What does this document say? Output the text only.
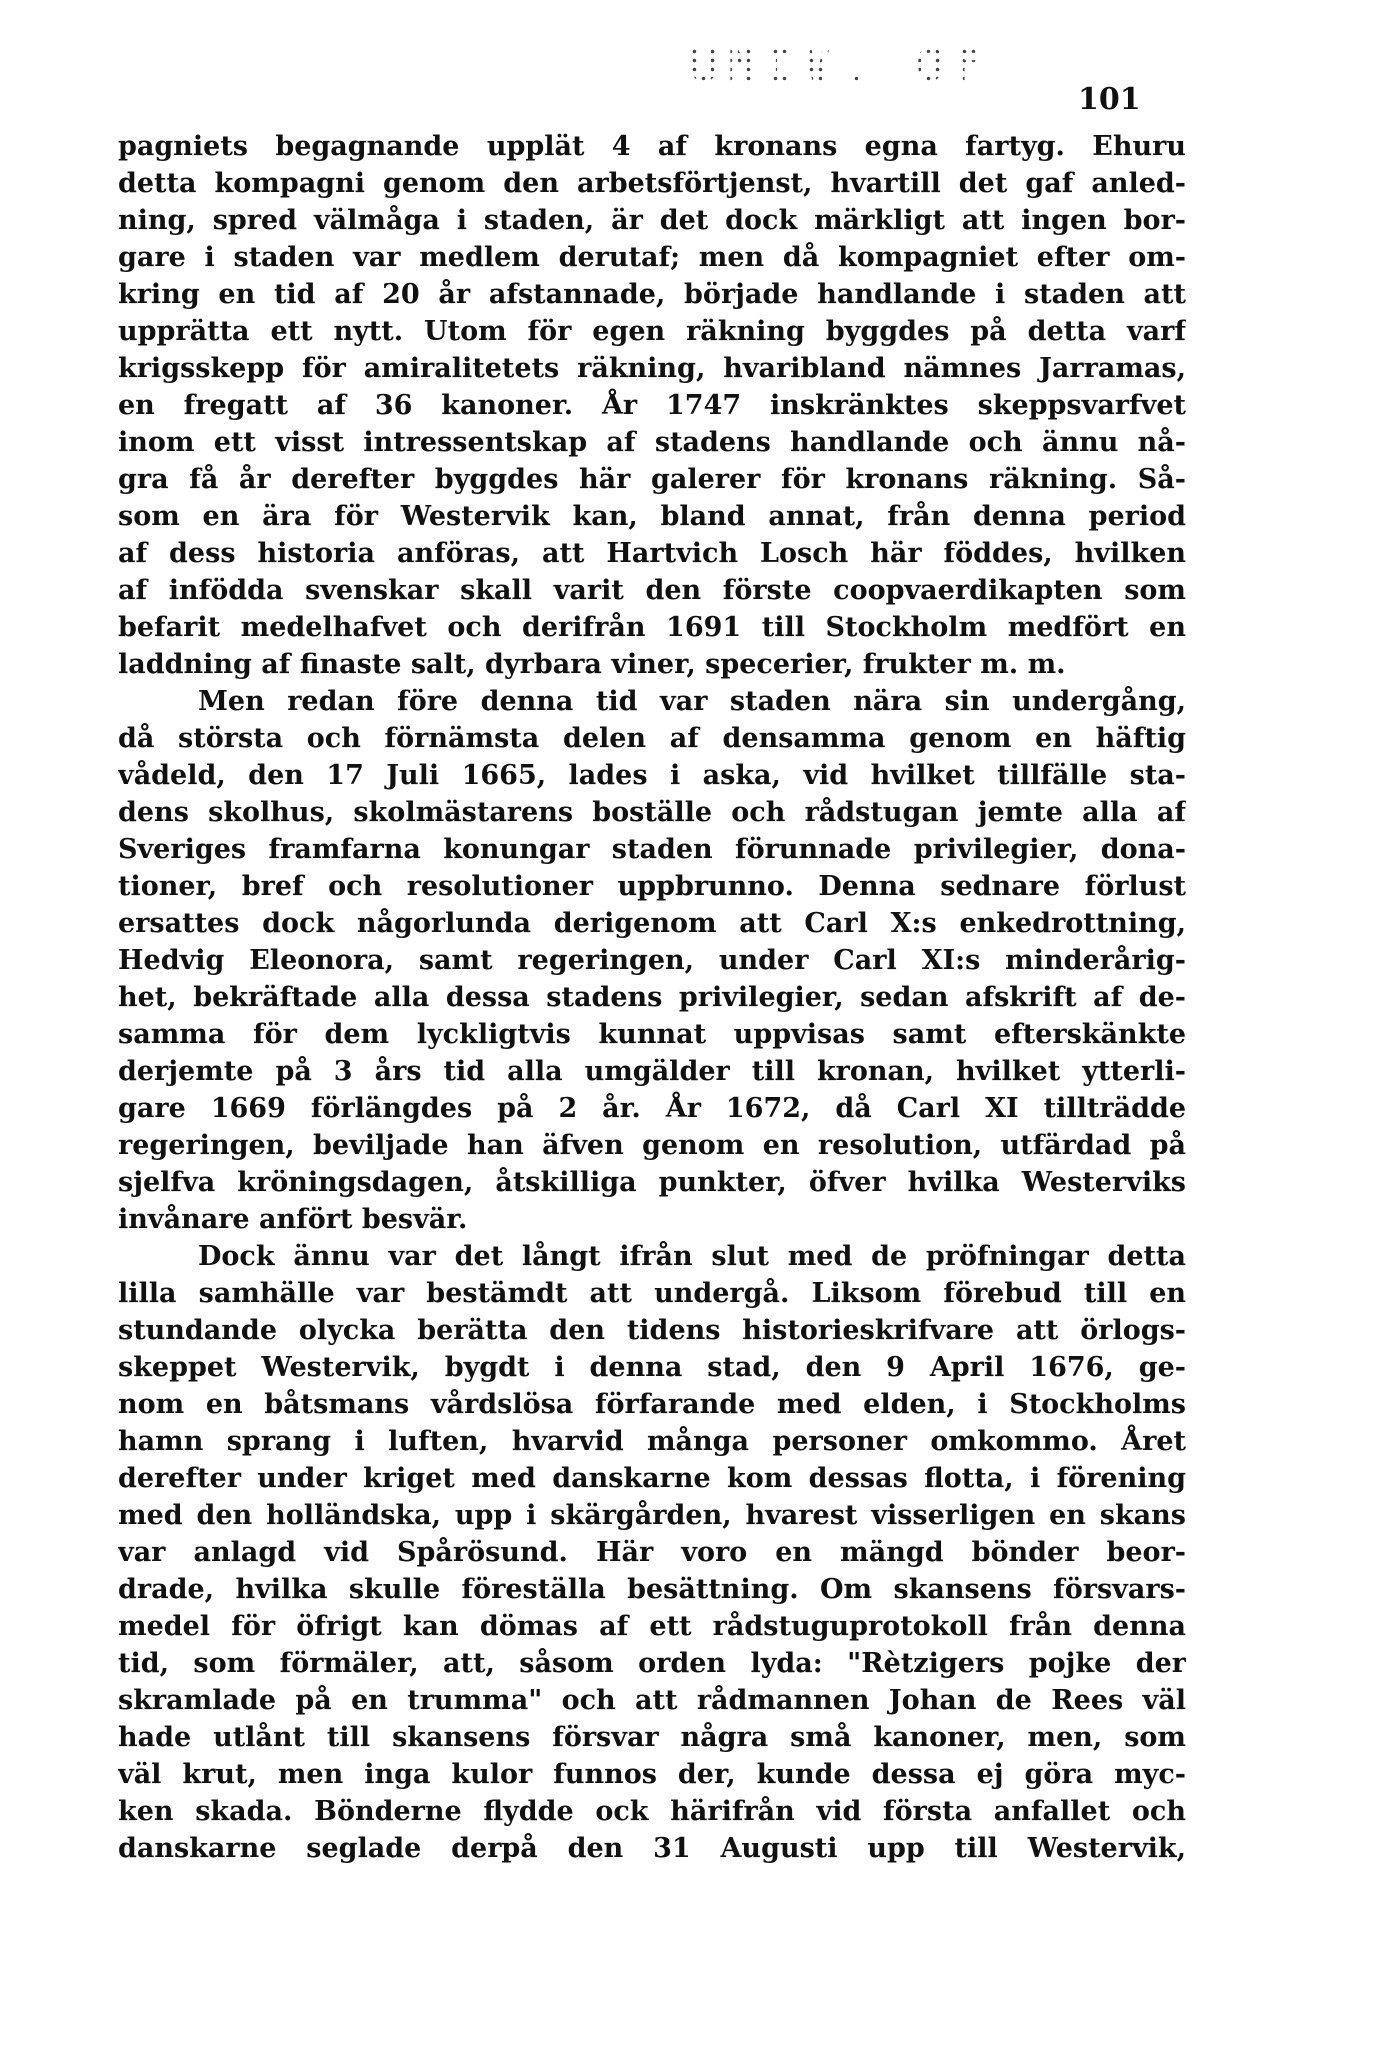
UNIV. OF
101
pagniets begagnande upplät 4 af kronans egna fartyg. Ehuru
detta kompagni genom den arbetsförtjenst, hvartill det gaf anled-
ning, spred välmåga i staden, är det dock märkligt att ingen bor-
gare i staden var medlem derutaf; men då kompagniet efter om-
kring en tid af 20 år afstannade, började handlande i staden att
upprätta ett nytt. Utom för egen räkning byggdes på detta varf
krigsskepp för amiralitetets räkning, hvaribland nämnes Jarramas,
en fregatt af 36 kanoner. År 1747 inskränktes skeppsvarfvet
inom ett visst intressentskap af stadens handlande och ännu nå-
gra få år derefter byggdes här galerer för kronans räkning. Så-
som en ära för Westervik kan, bland annat, från denna period
af dess historia anföras, att Hartvich Losch här föddes, hvilken
af infödda svenskar skall varit den förste coopvaerdikapten som
befarit medelhafvet och derifrån 1691 till Stockholm medfört en
laddning af finaste salt, dyrbara viner, specerier, frukter m. m.
Men redan före denna tid var staden nära sin undergång,
då största och förnämsta delen af densamma genom en häftig
vådeld, den 17 Juli 1665, lades i aska, vid hvilket tillfälle sta-
dens skolhus, skolmästarens boställe och rådstugan jemte alla af
Sveriges framfarna konungar staden förunnade privilegier, dona-
tioner, bref och resolutioner uppbrunno. Denna sednare förlust
ersattes dock någorlunda derigenom att Carl X:s enkedrottning,
Hedvig Eleonora, samt regeringen, under Carl XI:s minderårig-
het, bekräftade alla dessa stadens privilegier, sedan afskrift af de-
samma för dem lyckligtvis kunnat uppvisas samt efterskänkte
derjemte på 3 års tid alla umgälder till kronan, hvilket ytterli-
gare 1669 förlängdes på 2 år. År 1672, då Carl XI tillträdde
regeringen, beviljade han äfven genom en resolution, utfärdad på
sjelfva kröningsdagen, åtskilliga punkter, öfver hvilka Westerviks
invånare anfört besvär.
Dock ännu var det långt ifrån slut med de pröfningar detta
lilla samhälle var bestämdt att undergå. Liksom förebud till en
stundande olycka berätta den tidens historieskrifvare att örlogs-
skeppet Westervik, bygdt i denna stad, den 9 April 1676, ge-
nom en båtsmans vårdslösa förfarande med elden, i Stockholms
hamn sprang i luften, hvarvid många personer omkommo. Året
derefter under kriget med danskarne kom dessas flotta, i förening
med den holländska, upp i skärgården, hvarest visserligen en skans
var anlagd vid Spårösund. Här voro en mängd bönder beor-
drade, hvilka skulle föreställa besättning. Om skansens försvars-
medel för öfrigt kan dömas af ett rådstuguprotokoll från denna
tid, som förmäler, att, såsom orden lyda: "Rètzigers pojke der
skramlade på en trumma" och att rådmannen Johan de Rees väl
hade utlånt till skansens försvar några små kanoner, men, som
väl krut, men inga kulor funnos der, kunde dessa ej göra myc-
ken skada. Bönderne flydde ock härifrån vid första anfallet och
danskarne seglade derpå den 31 Augusti upp till Westervik,
